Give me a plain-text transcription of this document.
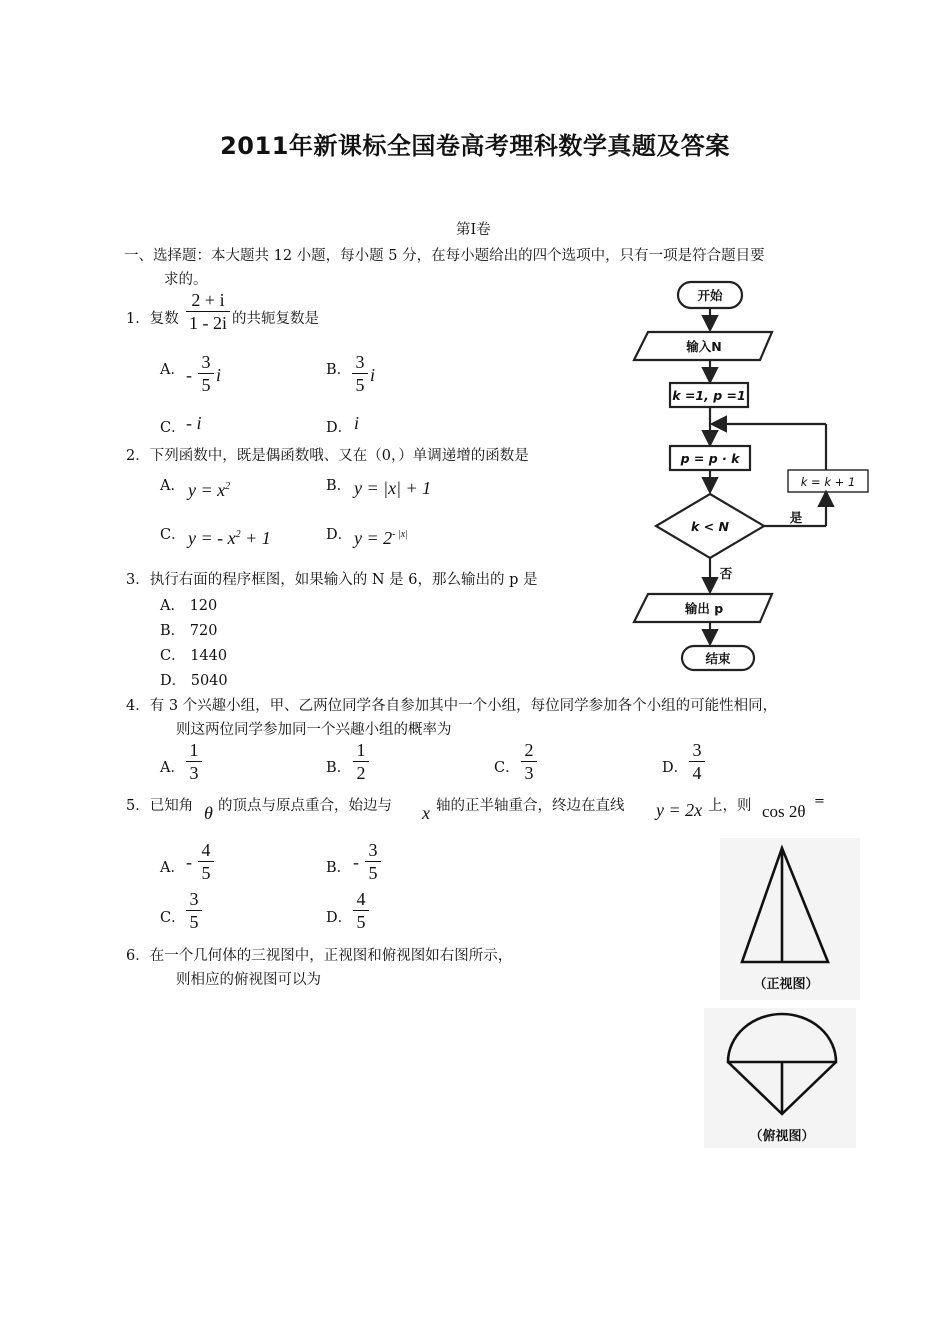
2011年新课标全国卷高考理科数学真题及答案
第Ⅰ卷
一、选择题：本大题共 12 小题，每小题 5 分，在每小题给出的四个选项中，只有一项是符合题目要
求的。
1．复数
2 + i
1 - 2i 的共轭复数是
A． -
3
5 i	B． 3
5 i
C． - i	D． i
2．下列函数中，既是偶函数哦、又在（0，）单调递增的函数是
A． $y = x^2$	B． y = |x| + 1
C． y = - $x^2 + 1$	D． $y = 2^{- |x|}$
3．执行右面的程序框图，如果输入的 N 是 6，那么输出的 p 是
A． 120
B． 720
C． 1440
D． 5040
开始
输入N
k =1, p =1
p = p · k
k < N
k = k + 1
是
否
输出 p
结束
4．有 3 个兴趣小组，甲、乙两位同学各自参加其中一个小组，每位同学参加各个小组的可能性相同，
则这两位同学参加同一个兴趣小组的概率为
A．
1
3	B．
1
2	C．
2
3	D．
3
4
5．已知角 θ 的顶点与原点重合，始边与 x 轴的正半轴重合，终边在直线 y = 2x 上，则 cos 2θ
=
A． -
4
5	B． -
3
5
C．
3
5	D．
4
5
6．在一个几何体的三视图中，正视图和俯视图如右图所示，
则相应的俯视图可以为	（正视图）
（俯视图）
